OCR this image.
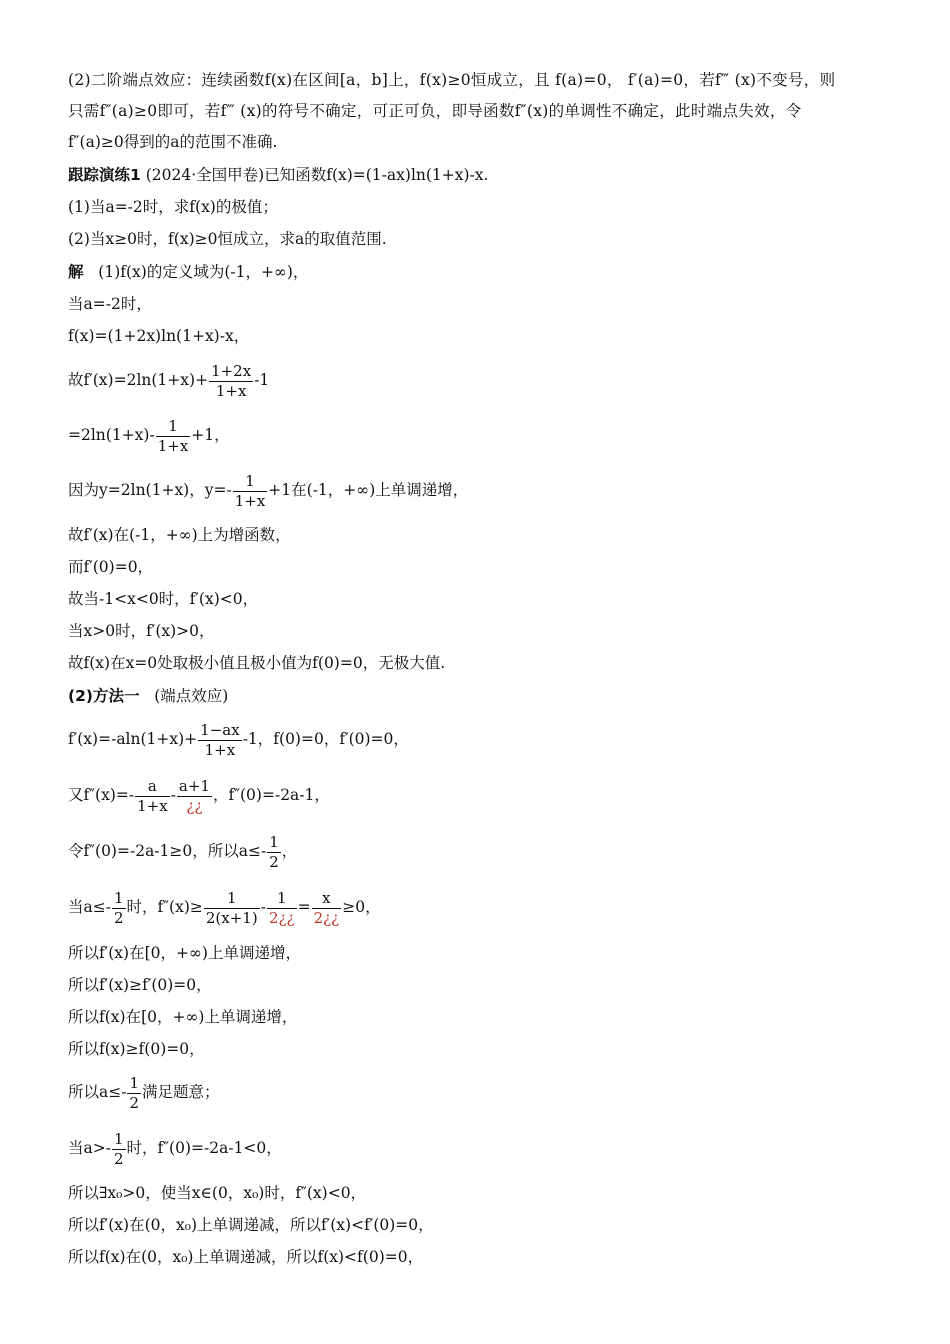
(2)二阶端点效应：连续函数f(x)在区间[a，b]上，f(x)≥0恒成立，且 f(a)=0， f′(a)=0，若f‴ (x)不变号，则
只需f″(a)≥0即可，若f‴ (x)的符号不确定，可正可负，即导函数f″(x)的单调性不确定，此时端点失效，令
f″(a)≥0得到的a的范围不准确.
跟踪演练1 (2024·全国甲卷)已知函数f(x)=(1-ax)ln(1+x)-x.
(1)当a=-2时，求f(x)的极值；
(2)当x≥0时，f(x)≥0恒成立，求a的取值范围.
解 (1)f(x)的定义域为(-1，+∞)，
当a=-2时，
f(x)=(1+2x)ln(1+x)-x，
故$f'(x)=2\ln(1+x)+ \frac{1+2x}{1+x} -1$
$=2\ln(1+x)- \frac{1}{1+x} +1$，
因为y=2ln(1+x)，$y=- \frac{1}{1+x} +1$在(-1，+∞)上单调递增，
故f′(x)在(-1，+∞)上为增函数，
而f′(0)=0，
故当-1<x<0时，f′(x)<0，
当x>0时，f′(x)>0，
故f(x)在x=0处取极小值且极小值为f(0)=0，无极大值.
(2)方法一 (端点效应)
$f'(x)=-aln(1+x)+ \frac{1-ax}{1+x} -1$，f(0)=0，f′(0)=0，
又$f''(x)=- \frac{a}{1+x} - \frac{a+1}{¿¿}$ ，f″(0)=-2a-1，
令f″(0)=-2a-1≥0，所以$a\le- \frac{1}{2}$ ，
当$a\le- \frac{1}{2}$ 时，$f''(x)\ge \frac{1}{2(x+1)} - \frac{1}{2¿¿} = \frac{x}{2¿¿} \ge 0$，
所以f′(x)在[0，+∞)上单调递增，
所以f′(x)≥f′(0)=0，
所以f(x)在[0，+∞)上单调递增，
所以f(x)≥f(0)=0，
所以$a\le- \frac{1}{2}$ 满足题意；
当$a>- \frac{1}{2}$ 时，f″(0)=-2a-1<0，
所以∃x₀>0，使当x∈(0，x₀)时，f″(x)<0，
所以f′(x)在(0，x₀)上单调递减，所以f′(x)<f′(0)=0，
所以f(x)在(0，x₀)上单调递减，所以f(x)<f(0)=0，
